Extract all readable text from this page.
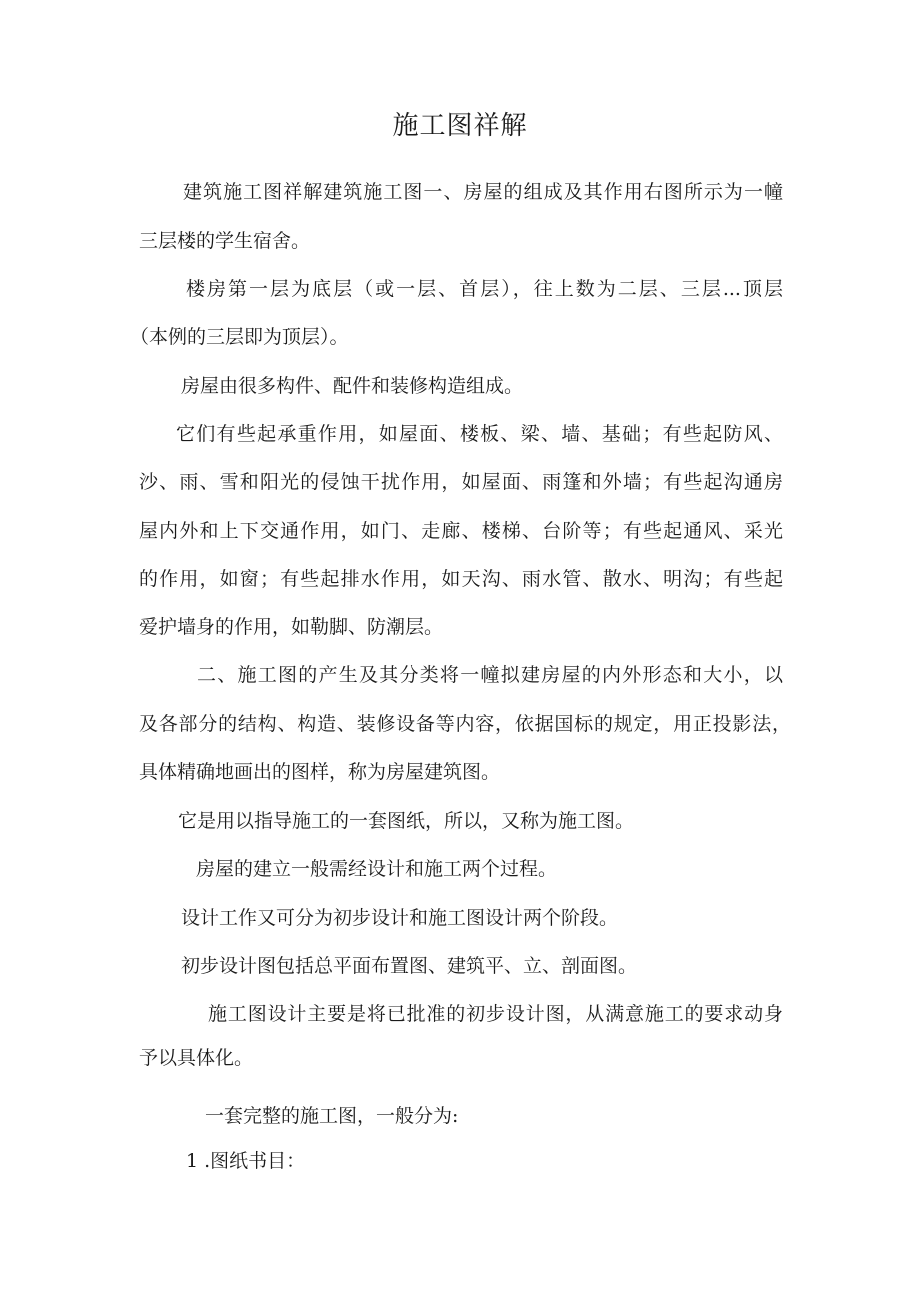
施工图祥解
建筑施工图祥解建筑施工图一、房屋的组成及其作用右图所示为一幢
三层楼的学生宿舍。
楼房第一层为底层（或一层、首层），往上数为二层、三层...顶层
（本例的三层即为顶层）。
房屋由很多构件、配件和装修构造组成。
它们有些起承重作用，如屋面、楼板、梁、墙、基础；有些起防风、
沙、雨、雪和阳光的侵蚀干扰作用，如屋面、雨篷和外墙；有些起沟通房
屋内外和上下交通作用，如门、走廊、楼梯、台阶等；有些起通风、采光
的作用，如窗；有些起排水作用，如天沟、雨水管、散水、明沟；有些起
爱护墙身的作用，如勒脚、防潮层。
二、施工图的产生及其分类将一幢拟建房屋的内外形态和大小，以
及各部分的结构、构造、装修设备等内容，依据国标的规定，用正投影法，
具体精确地画出的图样，称为房屋建筑图。
它是用以指导施工的一套图纸，所以，又称为施工图。
房屋的建立一般需经设计和施工两个过程。
设计工作又可分为初步设计和施工图设计两个阶段。
初步设计图包括总平面布置图、建筑平、立、剖面图。
施工图设计主要是将已批准的初步设计图，从满意施工的要求动身
予以具体化。
一套完整的施工图，一般分为:
1 .图纸书目：
